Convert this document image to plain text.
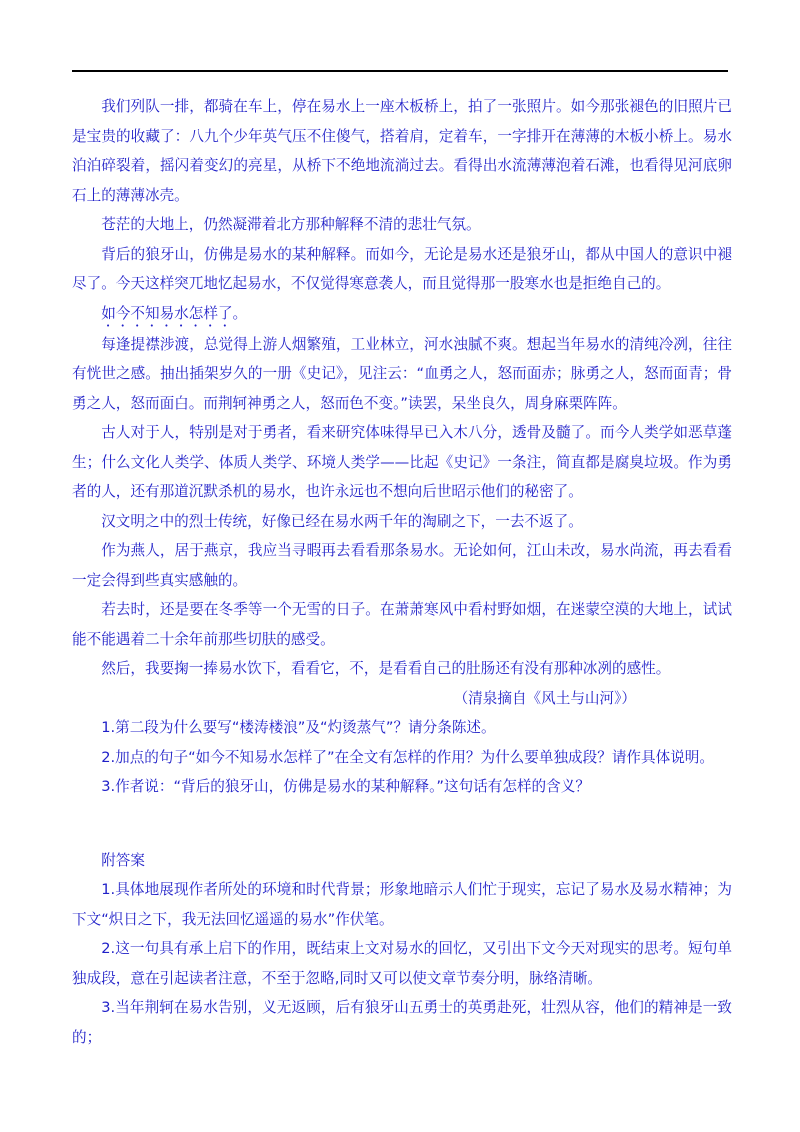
我们列队一排，都骑在车上，停在易水上一座木板桥上，拍了一张照片。如今那张褪色的旧照片已是宝贵的收藏了：八九个少年英气压不住傻气，搭着肩，定着车，一字排开在薄薄的木板小桥上。易水泊泊碎裂着，摇闪着变幻的亮星，从桥下不绝地流淌过去。看得出水流薄薄泡着石滩，也看得见河底卵石上的薄薄冰壳。

苍茫的大地上，仍然凝滞着北方那种解释不清的悲壮气氛。

背后的狼牙山，仿佛是易水的某种解释。而如今，无论是易水还是狼牙山，都从中国人的意识中褪尽了。今天这样突兀地忆起易水，不仅觉得寒意袭人，而且觉得那一股寒水也是拒绝自己的。

如今不知易水怎样了。

每逢提襟涉渡，总觉得上游人烟繁殖，工业林立，河水浊腻不爽。想起当年易水的清纯冷冽，往往有恍世之感。抽出插架岁久的一册《史记》，见注云：“血勇之人，怒而面赤；脉勇之人，怒而面青；骨勇之人，怒而面白。而荆轲神勇之人，怒而色不变。”读罢，呆坐良久，周身麻栗阵阵。

古人对于人，特别是对于勇者，看来研究体味得早已入木八分，透骨及髓了。而今人类学如恶草蓬生；什么文化人类学、体质人类学、环境人类学——比起《史记》一条注，简直都是腐臭垃圾。作为勇者的人，还有那道沉默杀机的易水，也许永远也不想向后世昭示他们的秘密了。

汉文明之中的烈士传统，好像已经在易水两千年的淘刷之下，一去不返了。

作为燕人，居于燕京，我应当寻暇再去看看那条易水。无论如何，江山未改，易水尚流，再去看看一定会得到些真实感触的。

若去时，还是要在冬季等一个无雪的日子。在萧萧寒风中看村野如烟，在迷蒙空漠的大地上，试试能不能遇着二十余年前那些切肤的感受。

然后，我要掬一捧易水饮下，看看它，不，是看看自己的肚肠还有没有那种冰冽的感性。

（清泉摘自《风土与山河》）

1.第二段为什么要写“楼涛楼浪”及“灼烫蒸气”？请分条陈述。

2.加点的句子“如今不知易水怎样了”在全文有怎样的作用？为什么要单独成段？请作具体说明。

3.作者说：“背后的狼牙山，仿佛是易水的某种解释。”这句话有怎样的含义？

附答案

1.具体地展现作者所处的环境和时代背景；形象地暗示人们忙于现实，忘记了易水及易水精神；为下文“炽日之下，我无法回忆遥遥的易水”作伏笔。

2.这一句具有承上启下的作用，既结束上文对易水的回忆，又引出下文今天对现实的思考。短句单独成段，意在引起读者注意，不至于忽略,同时又可以使文章节奏分明，脉络清晰。

3.当年荆轲在易水告别，义无返顾，后有狼牙山五勇士的英勇赴死，壮烈从容，他们的精神是一致的；
